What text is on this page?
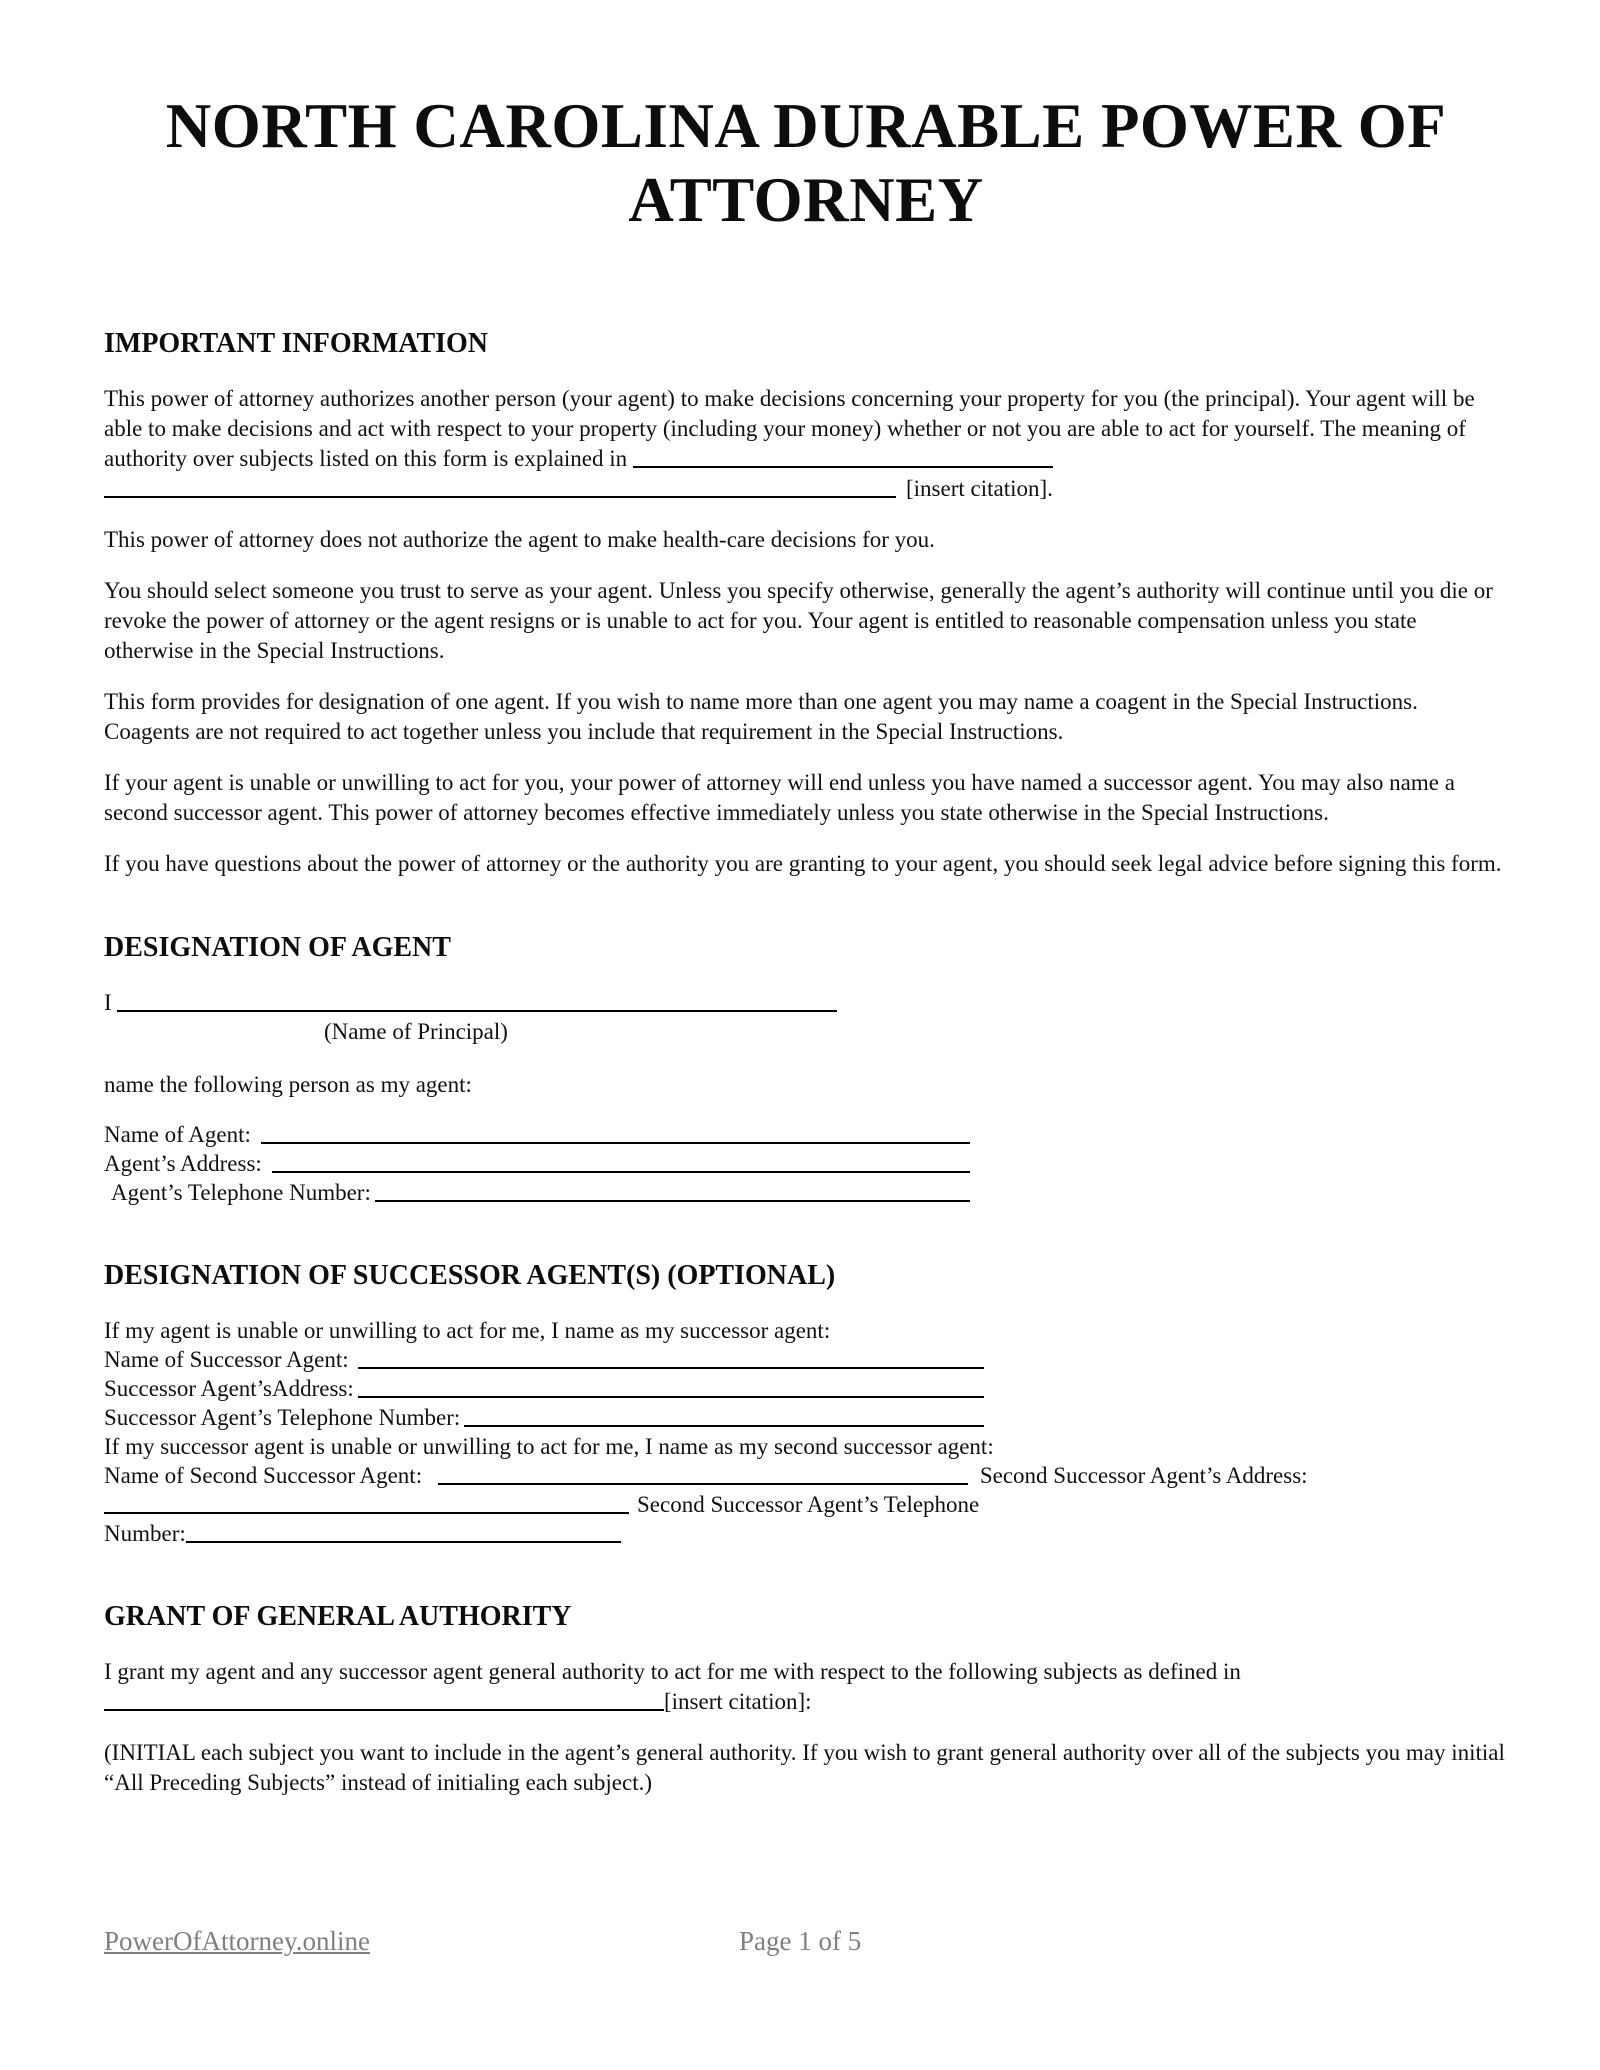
NORTH CAROLINA DURABLE POWER OF ATTORNEY
IMPORTANT INFORMATION

This power of attorney authorizes another person (your agent) to make decisions concerning your property for you (the principal). Your agent will be able to make decisions and act with respect to your property (including your money) whether or not you are able to act for yourself. The meaning of authority over subjects listed on this form is explained in
[insert citation].

This power of attorney does not authorize the agent to make health-care decisions for you.

You should select someone you trust to serve as your agent. Unless you specify otherwise, generally the agent’s authority will continue until you die or revoke the power of attorney or the agent resigns or is unable to act for you. Your agent is entitled to reasonable compensation unless you state otherwise in the Special Instructions.

This form provides for designation of one agent. If you wish to name more than one agent you may name a coagent in the Special Instructions. Coagents are not required to act together unless you include that requirement in the Special Instructions.

If your agent is unable or unwilling to act for you, your power of attorney will end unless you have named a successor agent. You may also name a second successor agent. This power of attorney becomes effective immediately unless you state otherwise in the Special Instructions.

If you have questions about the power of attorney or the authority you are granting to your agent, you should seek legal advice before signing this form.

DESIGNATION OF AGENT
I
(Name of Principal)

name the following person as my agent:

Name of Agent:
Agent’s Address:
Agent’s Telephone Number:
DESIGNATION OF SUCCESSOR AGENT(S) (OPTIONAL)
If my agent is unable or unwilling to act for me, I name as my successor agent:
Name of Successor Agent:
Successor Agent’sAddress:
Successor Agent’s Telephone Number:
If my successor agent is unable or unwilling to act for me, I name as my second successor agent:
Name of Second Successor Agent:	Second Successor Agent’s Address:
Second Successor Agent’s Telephone
Number:
GRANT OF GENERAL AUTHORITY

I grant my agent and any successor agent general authority to act for me with respect to the following subjects as defined in
[insert citation]:

(INITIAL each subject you want to include in the agent’s general authority. If you wish to grant general authority over all of the subjects you may initial “All Preceding Subjects” instead of initialing each subject.)

PowerOfAttorney.online	Page 1 of 5
